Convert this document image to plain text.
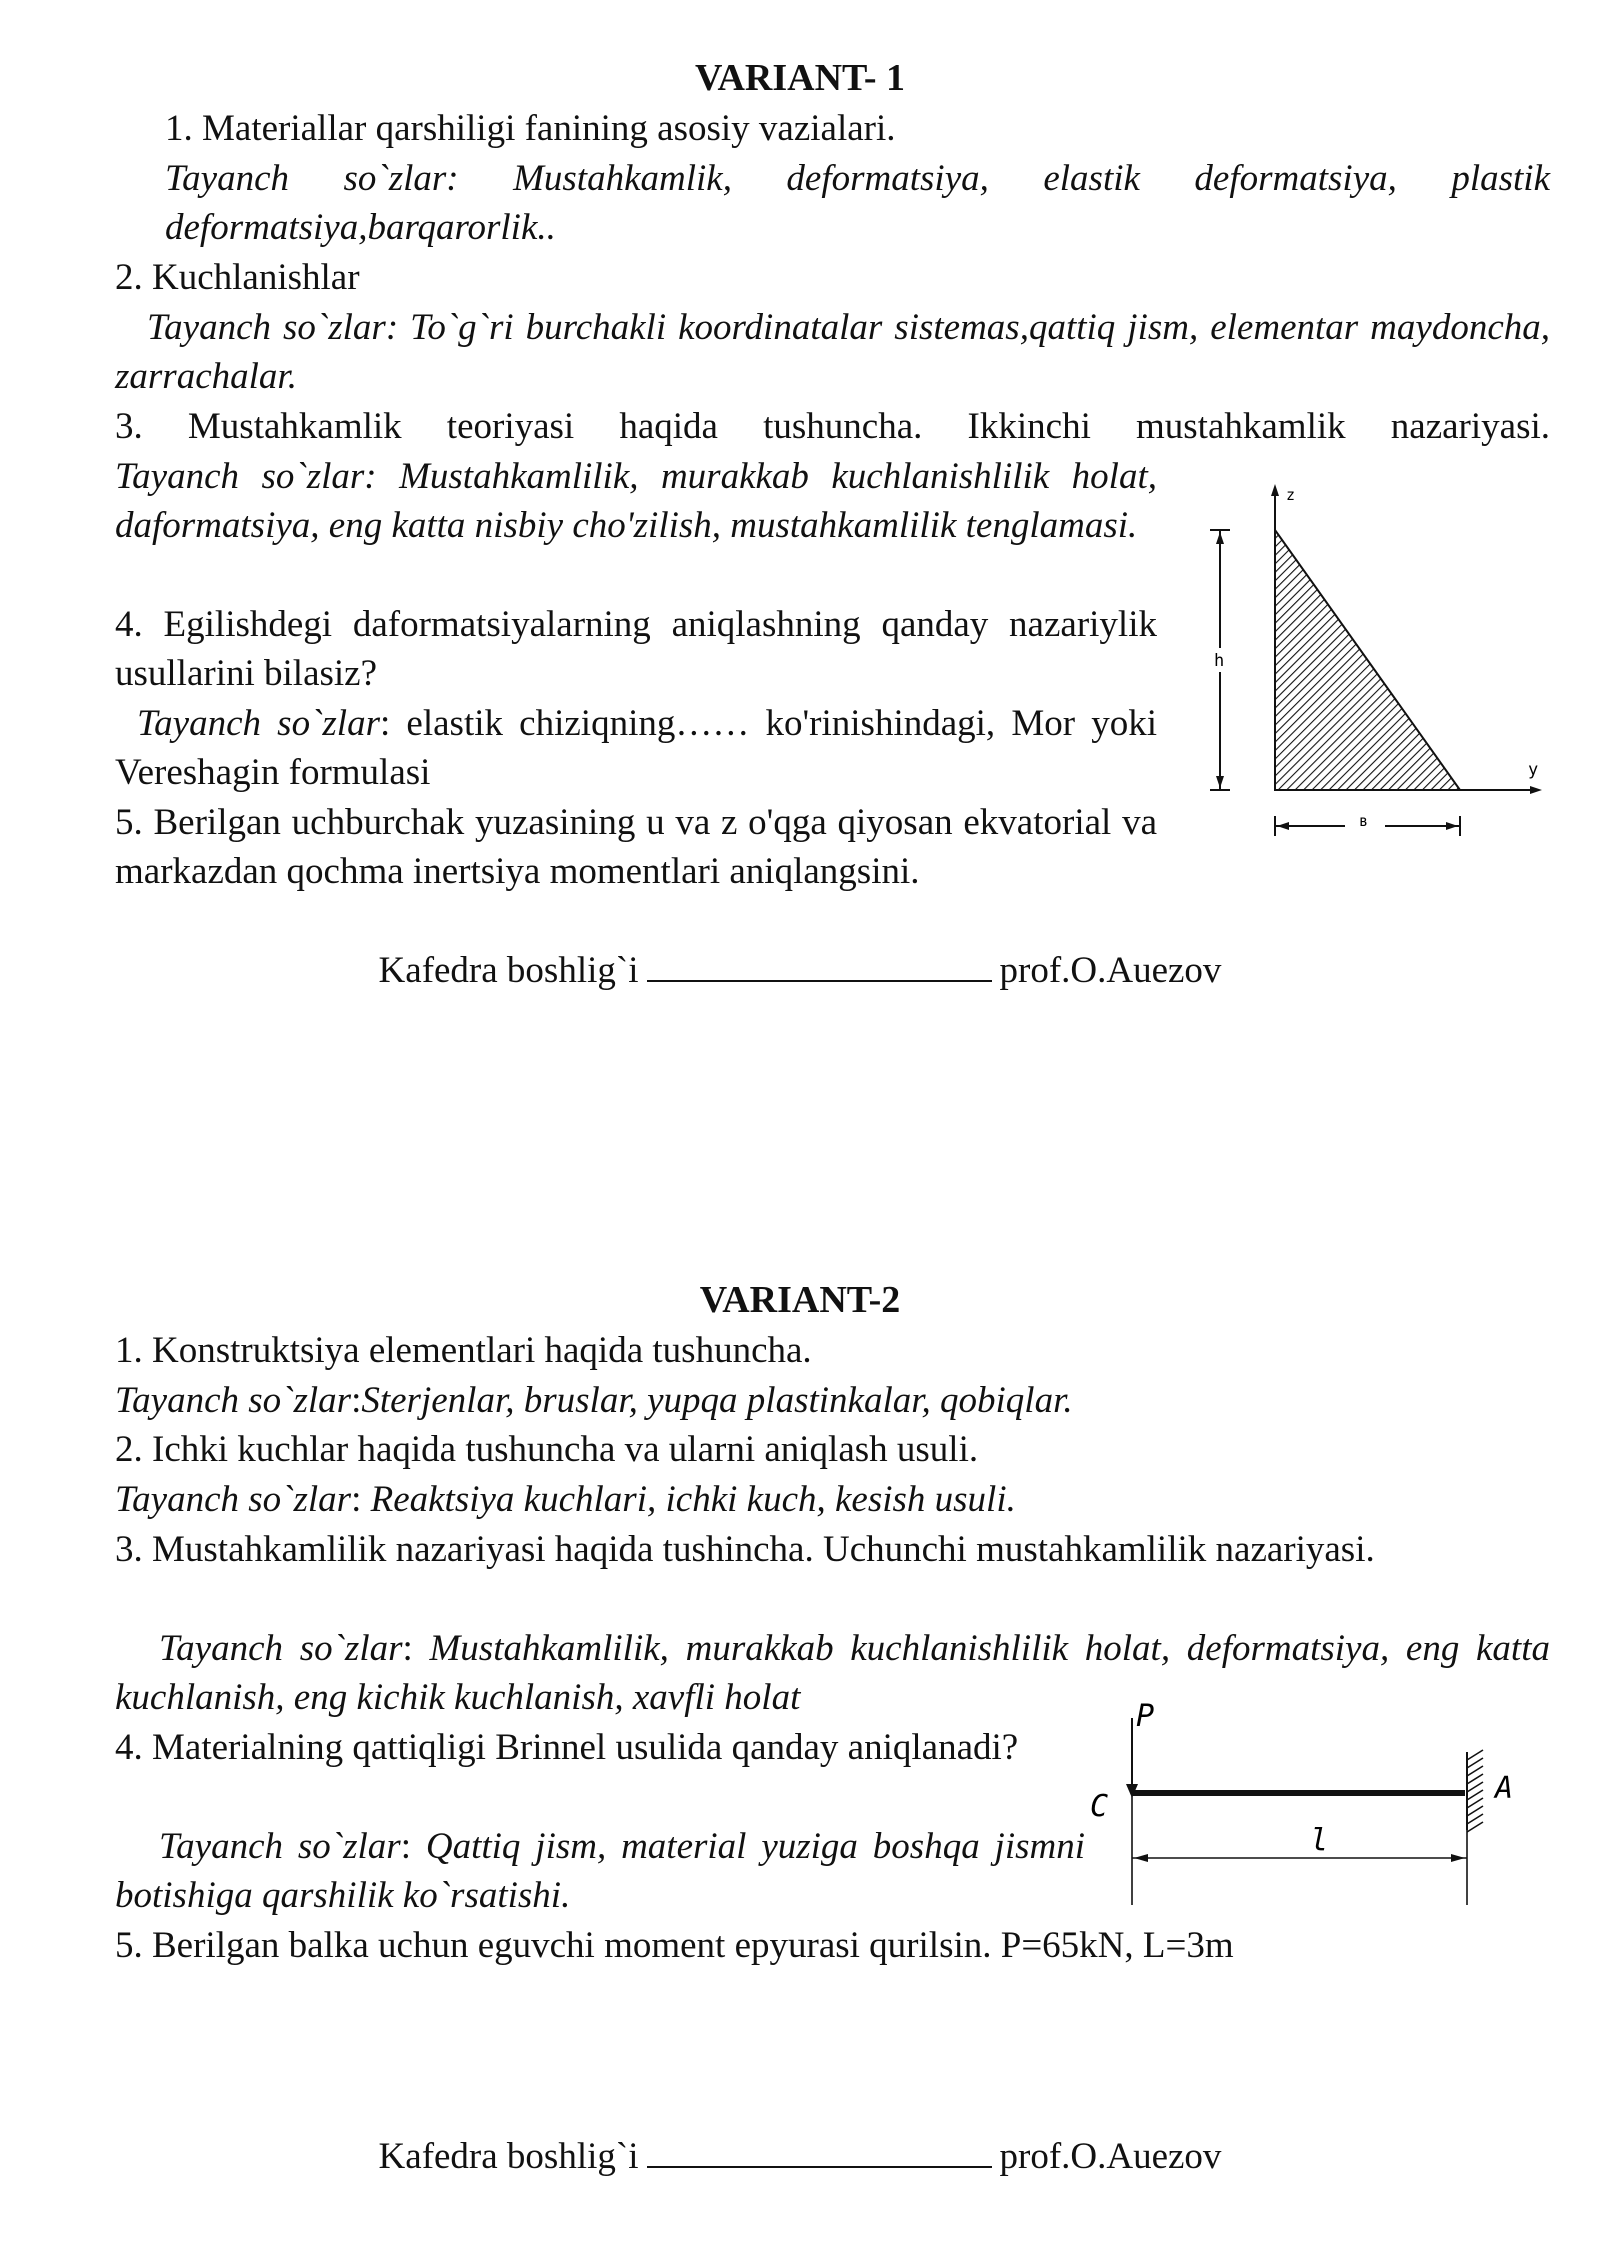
VARIANT- 1
1. Materiallar qarshiligi fanining asosiy vazialari.
Tayanch so`zlar: Mustahkamlik, deformatsiya, elastik deformatsiya, plastik deformatsiya,barqarorlik..
2. Kuchlanishlar
Tayanch so`zlar: To`g`ri burchakli koordinatalar sistemas,qattiq jism, elementar maydoncha, zarrachalar.
3. Mustahkamlik teoriyasi haqida tushuncha. Ikkinchi mustahkamlik nazariyasi.
Tayanch so`zlar: Mustahkamlilik, murakkab kuchlanishlilik holat, daformatsiya, eng katta nisbiy cho'zilish, mustahkamlilik tenglamasi.
4. Egilishdegi daformatsiyalarning aniqlashning qanday nazariylik usullarini bilasiz?
Tayanch so`zlar: elastik chiziqning…… ko'rinishindagi, Mor yoki Vereshagin formulasi
5. Berilgan uchburchak yuzasining u va z o'qga qiyosan ekvatorial va markazdan qochma inertsiya momentlari aniqlangsini.
Kafedra boshlig`i	prof.O.Auezov
z
y
h
в
VARIANT-2
1. Konstruktsiya elementlari haqida tushuncha.
Tayanch so`zlar:Sterjenlar, bruslar, yupqa plastinkalar, qobiqlar.
2. Ichki kuchlar haqida tushuncha va ularni aniqlash usuli.
Tayanch so`zlar: Reaktsiya kuchlari, ichki kuch, kesish usuli.
3. Mustahkamlilik nazariyasi haqida tushincha. Uchunchi mustahkamlilik nazariyasi.
Tayanch so`zlar: Mustahkamlilik, murakkab kuchlanishlilik holat, deformatsiya, eng katta kuchlanish, eng kichik kuchlanish, xavfli holat
4. Materialning qattiqligi Brinnel usulida qanday aniqlanadi?
Tayanch so`zlar: Qattiq jism, material yuziga boshqa jismni botishiga qarshilik ko`rsatishi.
5. Berilgan balka uchun eguvchi moment epyurasi qurilsin. P=65kN, L=3m
Kafedra boshlig`i	prof.O.Auezov
P
C
A
l
